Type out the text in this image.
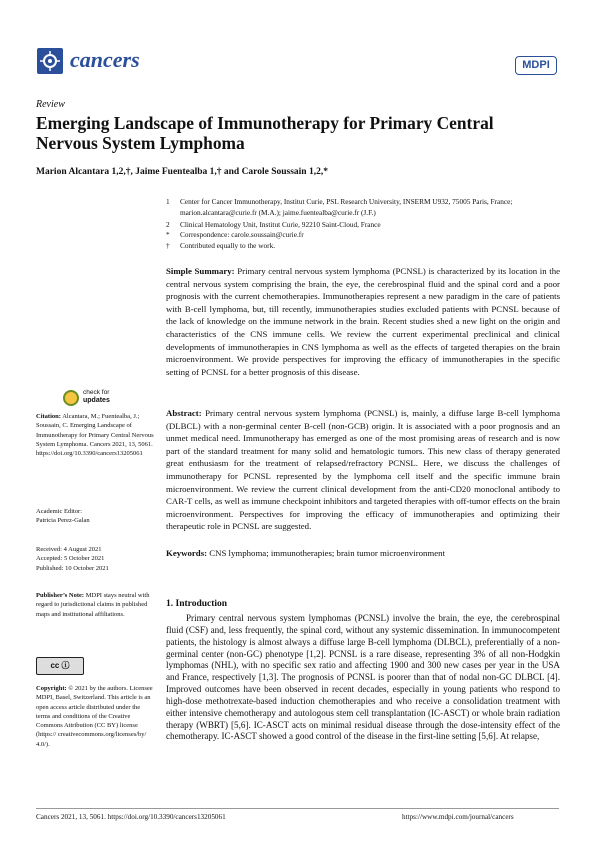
cancers	MDPI
Review
Emerging Landscape of Immunotherapy for Primary Central Nervous System Lymphoma
Marion Alcantara 1,2,†, Jaime Fuentealba 1,† and Carole Soussain 1,2,*
1	Center for Cancer Immunotherapy, Institut Curie, PSL Research University, INSERM U932, 75005 Paris, France; marion.alcantara@curie.fr (M.A.); jaime.fuentealba@curie.fr (J.F.)
2	Clinical Hematology Unit, Institut Curie, 92210 Saint-Cloud, France
*	Correspondence: carole.soussain@curie.fr
†	Contributed equally to the work.
Simple Summary: Primary central nervous system lymphoma (PCNSL) is characterized by its location in the central nervous system comprising the brain, the eye, the cerebrospinal fluid and the spinal cord and a poor prognosis with the current chemotherapies. Immunotherapies represent a new paradigm in the care of patients with B-cell lymphoma, but, till recently, immunotherapies studies excluded patients with PCNSL because of the lack of knowledge on the immune network in the brain. Recent studies shed a new light on the origin and characteristics of the CNS immune cells. We review the current experimental preclinical and clinical developments of immunotherapies in CNS lymphoma as well as the effects of targeted therapies on the brain microenvironment. We provide perspectives for improving the efficacy of immunotherapies in the specific setting of PCNSL for a better prognosis of this disease.
Abstract: Primary central nervous system lymphoma (PCNSL) is, mainly, a diffuse large B-cell lymphoma (DLBCL) with a non-germinal center B-cell (non-GCB) origin. It is associated with a poor prognosis and an unmet medical need. Immunotherapy has emerged as one of the most promising areas of research and is now part of the standard treatment for many solid and hematologic tumors. This new class of therapy generated great enthusiasm for the treatment of relapsed/refractory PCNSL. Here, we discuss the challenges of immunotherapy for PCNSL represented by the lymphoma cell itself and the specific immune brain microenvironment. We review the current clinical development from the anti-CD20 monoclonal antibody to CAR-T cells, as well as immune checkpoint inhibitors and targeted therapies with off-tumor effects on the brain microenvironment. Perspectives for improving the efficacy of immunotherapies and optimizing their therapeutic role in PCNSL are suggested.
Keywords: CNS lymphoma; immunotherapies; brain tumor microenvironment
check for
updates
Citation: Alcantara, M.; Fuentealba, J.; Soussain, C. Emerging Landscape of Immunotherapy for Primary Central Nervous System Lymphoma. Cancers 2021, 13, 5061. https://doi.org/10.3390/cancers13205061
Academic Editor:
Patricia Perez-Galan
Received: 4 August 2021
Accepted: 5 October 2021
Published: 10 October 2021
Publisher’s Note: MDPI stays neutral with regard to jurisdictional claims in published maps and institutional affiliations.
cc ⓘ
Copyright: © 2021 by the authors. Licensee MDPI, Basel, Switzerland. This article is an open access article distributed under the terms and conditions of the Creative Commons Attribution (CC BY) license (https:// creativecommons.org/licenses/by/ 4.0/).
1. Introduction
Primary central nervous system lymphomas (PCNSL) involve the brain, the eye, the cerebrospinal fluid (CSF) and, less frequently, the spinal cord, without any systemic dissemination. In immunocompetent patients, the histology is almost always a diffuse large B-cell lymphoma (DLBCL), preferentially of a non-germinal center (non-GC) phenotype [1,2]. PCNSL is a rare disease, representing 3% of all non-Hodgkin lymphomas (NHL), with no specific sex ratio and affecting 1900 and 300 new cases per year in the USA and France, respectively [1,3]. The prognosis of PCNSL is poorer than that of nodal non-GC DLBCL [4]. Improved outcomes have been observed in recent decades, especially in young patients who respond to high-dose methotrexate-based induction chemotherapies and who receive a consolidation treatment with either intensive chemotherapy and autologous stem cell transplantation (IC-ASCT) or whole brain radiation therapy (WBRT) [5,6]. IC-ASCT acts on minimal residual disease through the dose-intensity effect of the chemotherapy. IC-ASCT showed a good control of the disease in the first-line setting [5,6]. At relapse,
Cancers 2021, 13, 5061. https://doi.org/10.3390/cancers13205061	https://www.mdpi.com/journal/cancers
